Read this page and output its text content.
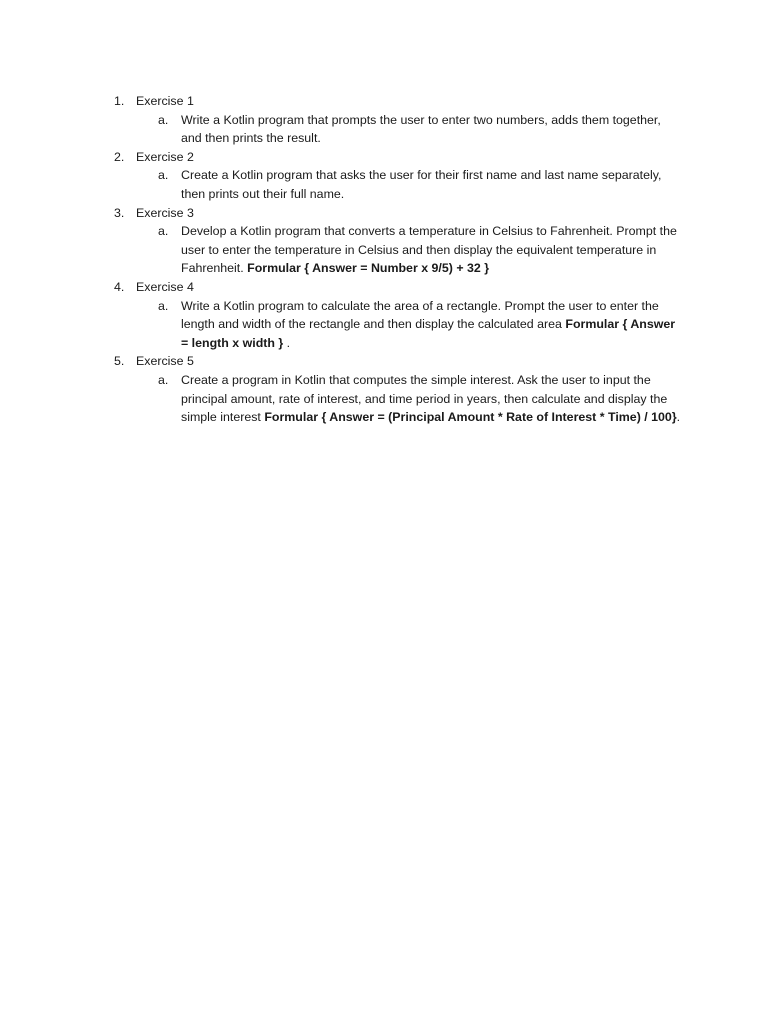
1. Exercise 1
a. Write a Kotlin program that prompts the user to enter two numbers, adds them together, and then prints the result.
2. Exercise 2
a. Create a Kotlin program that asks the user for their first name and last name separately, then prints out their full name.
3. Exercise 3
a. Develop a Kotlin program that converts a temperature in Celsius to Fahrenheit. Prompt the user to enter the temperature in Celsius and then display the equivalent temperature in Fahrenheit. Formular { Answer = Number x 9/5) + 32 }
4. Exercise 4
a. Write a Kotlin program to calculate the area of a rectangle. Prompt the user to enter the length and width of the rectangle and then display the calculated area Formular { Answer = length x width } .
5. Exercise 5
a. Create a program in Kotlin that computes the simple interest. Ask the user to input the principal amount, rate of interest, and time period in years, then calculate and display the simple interest Formular { Answer = (Principal Amount * Rate of Interest * Time) / 100}.
